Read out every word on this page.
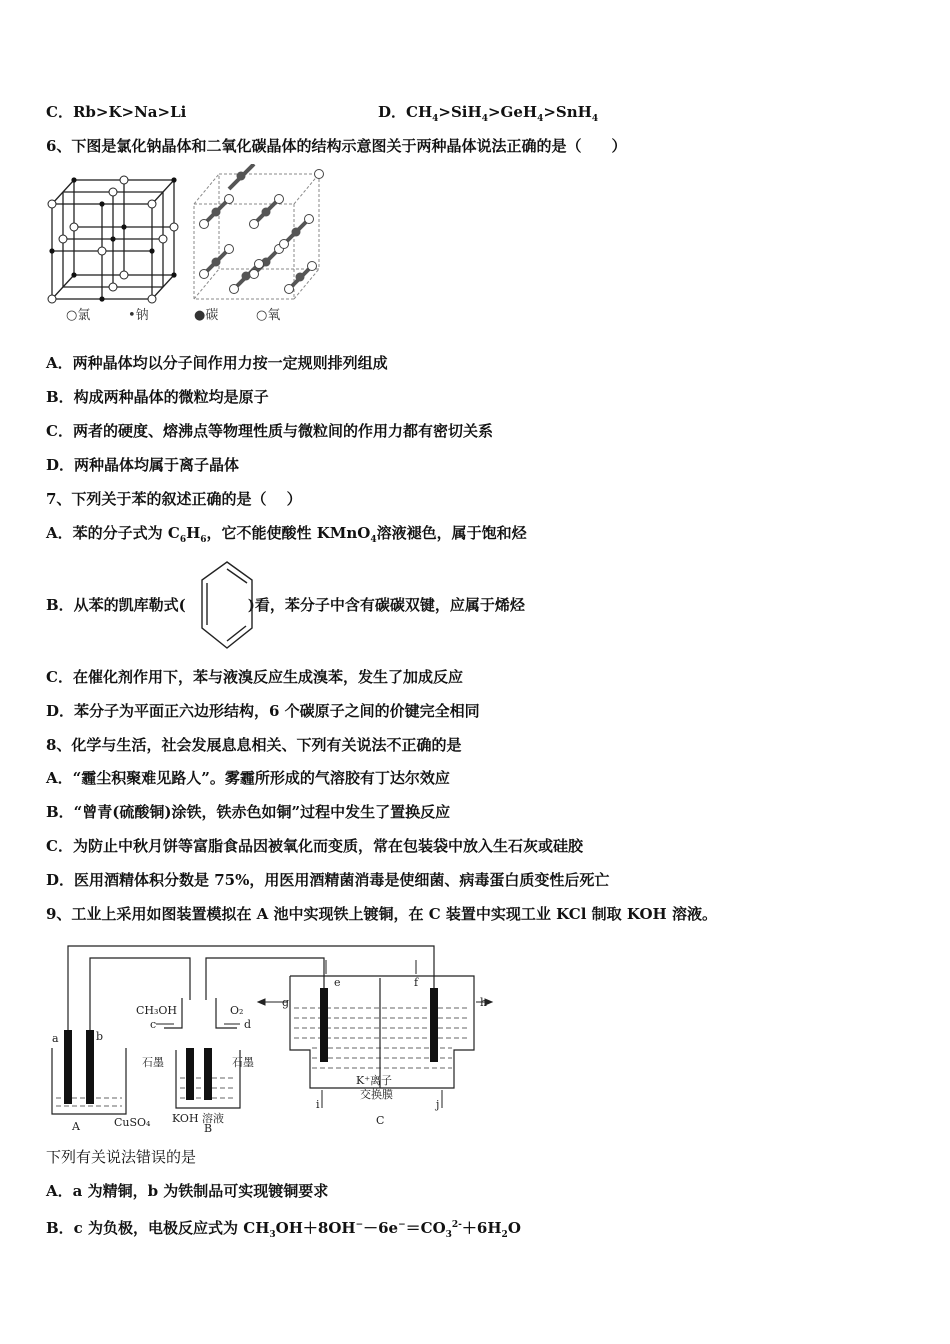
C．Rb>K>Na>Li	D．$CH_4>SiH_4>GeH_4>SnH_4$
6、下图是氯化钠晶体和二氧化碳晶体的结构示意图关于两种晶体说法正确的是（　　）
○氯	•钠	●碳	○氧
A．两种晶体均以分子间作用力按一定规则排列组成
B．构成两种晶体的微粒均是原子
C．两者的硬度、熔沸点等物理性质与微粒间的作用力都有密切关系
D．两种晶体均属于离子晶体
7、下列关于苯的叙述正确的是（　 ）
A．苯的分子式为 $C_6H_6$，它不能使酸性 KMnO$_4$溶液褪色，属于饱和烃
B．从苯的凯库勒式(	)看，苯分子中含有碳碳双键，应属于烯烃
C．在催化剂作用下，苯与液溴反应生成溴苯，发生了加成反应
D．苯分子为平面正六边形结构，6 个碳原子之间的价键完全相同
8、化学与生活，社会发展息息相关、下列有关说法不正确的是
A．“霾尘积聚难见路人”。雾霾所形成的气溶胶有丁达尔效应
B．“曾青(硫酸铜)涂铁，铁赤色如铜”过程中发生了置换反应
C．为防止中秋月饼等富脂食品因被氧化而变质，常在包装袋中放入生石灰或硅胶
D．医用酒精体积分数是 75%，用医用酒精菌消毒是使细菌、病毒蛋白质变性后死亡
9、工业上采用如图装置模拟在 A 池中实现铁上镀铜，在 C 装置中实现工业 KCl 制取 KOH 溶液。
CH₃OH	O₂
c	d
a	b
石墨	石墨
KOH 溶液
CuSO₄
A	B
C
e	f
g	h
i	j
K⁺离子
交换膜
下列有关说法错误的是
A．a 为精铜，b 为铁制品可实现镀铜要求
B．c 为负极，电极反应式为 $CH_3OH+8OH^--6e^-=CO_3^{2-}+6H_2O$
